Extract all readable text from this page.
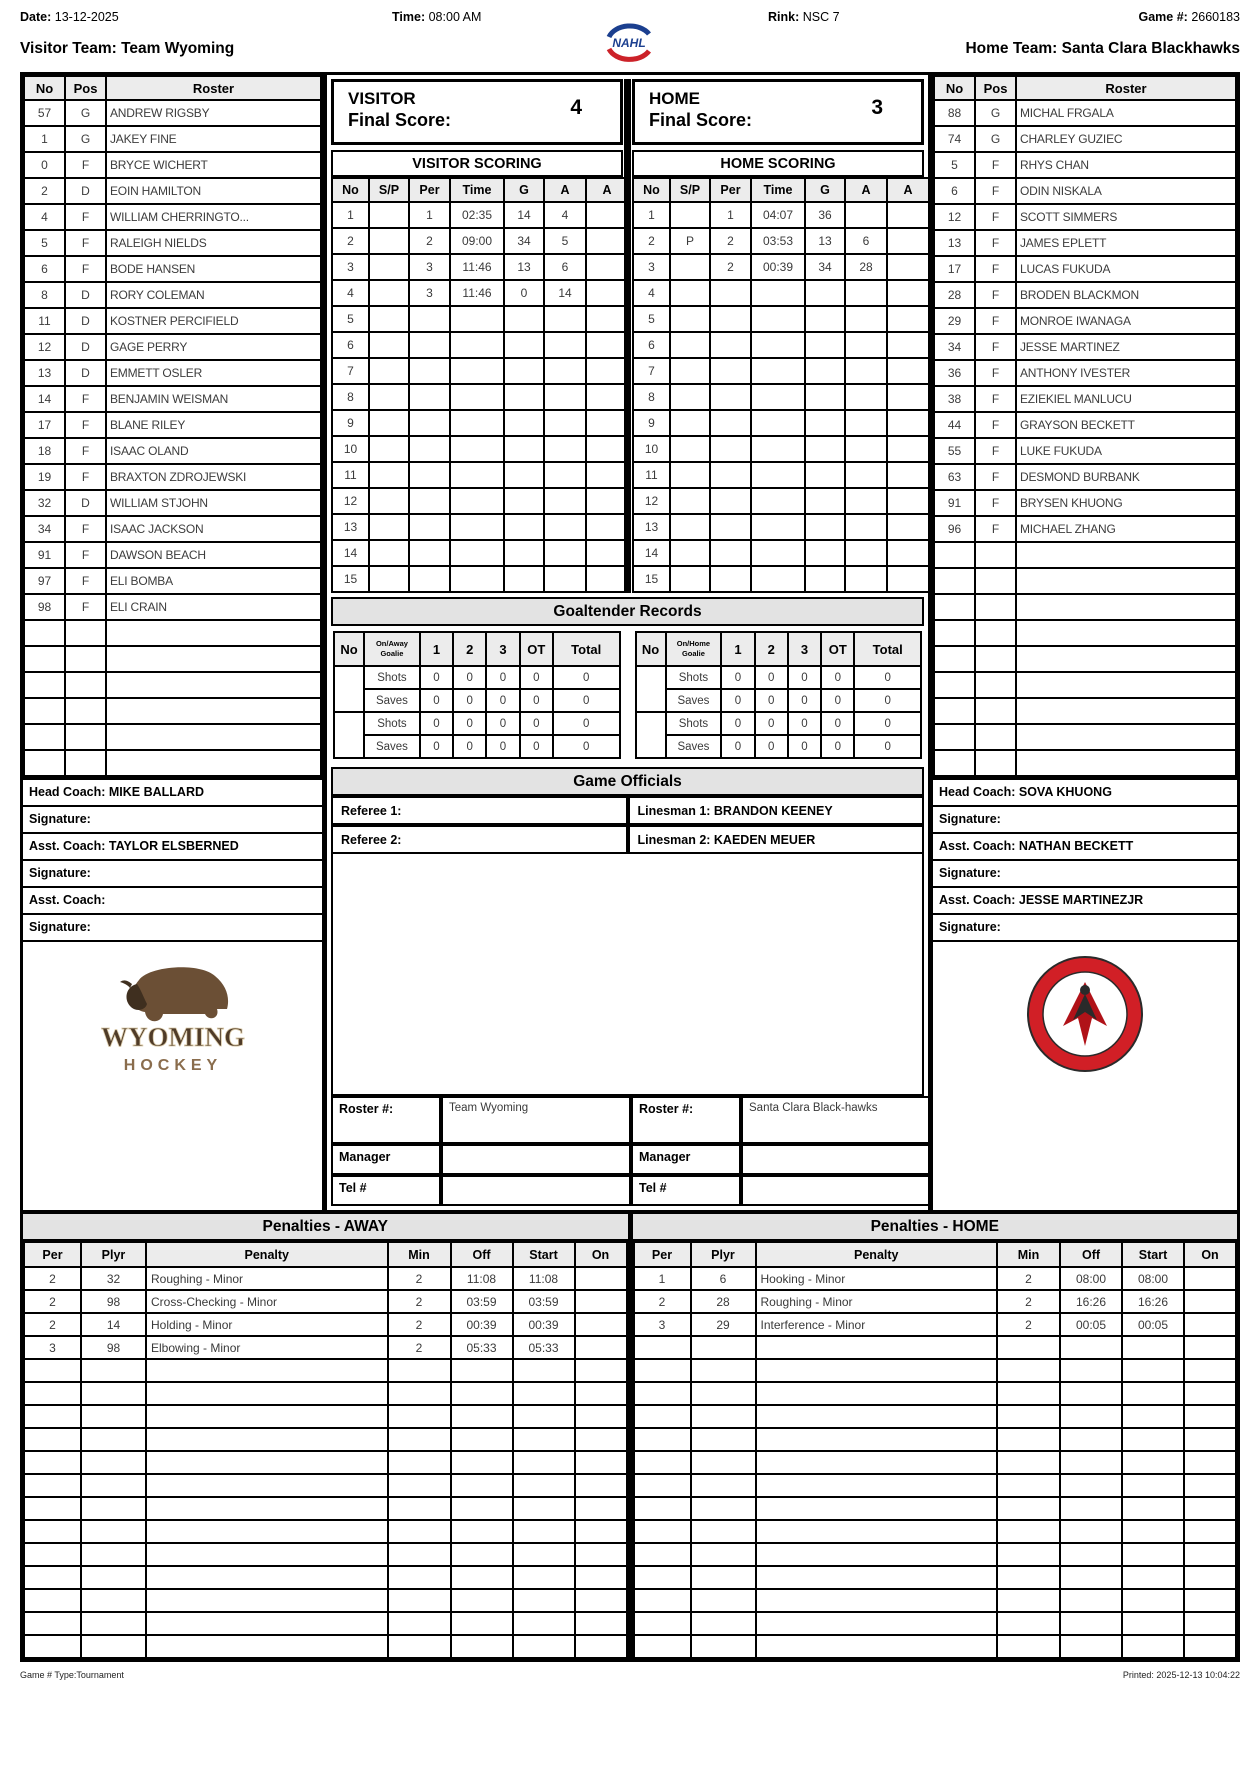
Date: 13-12-2025	Time: 08:00 AM	Rink: NSC 7	Game #: 2660183
Visitor Team: Team Wyoming	NAHL	Home Team: Santa Clara Blackhawks
No	Pos	Roster
57	G	ANDREW RIGSBY
1	G	JAKEY FINE
0	F	BRYCE WICHERT
2	D	EOIN HAMILTON
4	F	WILLIAM CHERRINGTO...
5	F	RALEIGH NIELDS
6	F	BODE HANSEN
8	D	RORY COLEMAN
11	D	KOSTNER PERCIFIELD
12	D	GAGE PERRY
13	D	EMMETT OSLER
14	F	BENJAMIN WEISMAN
17	F	BLANE RILEY
18	F	ISAAC OLAND
19	F	BRAXTON ZDROJEWSKI
32	D	WILLIAM STJOHN
34	F	ISAAC JACKSON
91	F	DAWSON BEACH
97	F	ELI BOMBA
98	F	ELI CRAIN

Head Coach: MIKE BALLARD
Signature:
Asst. Coach: TAYLOR ELSBERNED
Signature:
Asst. Coach:
Signature:
WYOMING
HOCKEY
VISITOR
Final Score:
4
VISITOR SCORING
No	S/P	Per	Time	G	A	A
1		1	02:35	14	4	
2		2	09:00	34	5	
3		3	11:46	13	6	
4		3	11:46	0	14	
5						
6						
7						
8						
9						
10						
11						
12						
13						
14						
15						
HOME
Final Score:
3
HOME SCORING
No	S/P	Per	Time	G	A	A
1		1	04:07	36		
2	P	2	03:53	13	6	
3		2	00:39	34	28	
4						
5						
6						
7						
8						
9						
10						
11						
12						
13						
14						
15						
Goaltender Records
No	On/Away
Goalie	1	2	3	OT	Total
	Shots	0	0	0	0	0
	Saves	0	0	0	0	0
	Shots	0	0	0	0	0
	Saves	0	0	0	0	0
No	On/Home
Goalie	1	2	3	OT	Total
	Shots	0	0	0	0	0
	Saves	0	0	0	0	0
	Shots	0	0	0	0	0
	Saves	0	0	0	0	0
Game Officials
Referee 1:	Linesman 1: BRANDON KEENEY
Referee 2:	Linesman 2: KAEDEN MEUER
Roster #:	Team Wyoming	Roster #:	Santa Clara Black-hawks
Manager	Manager
Tel #	Tel #
No	Pos	Roster
88	G	MICHAL FRGALA
74	G	CHARLEY GUZIEC
5	F	RHYS CHAN
6	F	ODIN NISKALA
12	F	SCOTT SIMMERS
13	F	JAMES EPLETT
17	F	LUCAS FUKUDA
28	F	BRODEN BLACKMON
29	F	MONROE IWANAGA
34	F	JESSE MARTINEZ
36	F	ANTHONY IVESTER
38	F	EZIEKIEL MANLUCU
44	F	GRAYSON BECKETT
55	F	LUKE FUKUDA
63	F	DESMOND BURBANK
91	F	BRYSEN KHUONG
96	F	MICHAEL ZHANG

Head Coach: SOVA KHUONG
Signature:
Asst. Coach: NATHAN BECKETT
Signature:
Asst. Coach: JESSE MARTINEZJR
Signature:
Penalties - AWAY
Per	Plyr	Penalty	Min	Off	Start	On
2	32	Roughing - Minor	2	11:08	11:08	
2	98	Cross-Checking - Minor	2	03:59	03:59	
2	14	Holding - Minor	2	00:39	00:39	
3	98	Elbowing - Minor	2	05:33	05:33	

Penalties - HOME
Per	Plyr	Penalty	Min	Off	Start	On
1	6	Hooking - Minor	2	08:00	08:00	
2	28	Roughing - Minor	2	16:26	16:26	
3	29	Interference - Minor	2	00:05	00:05	

Game # Type:Tournament	Printed: 2025-12-13 10:04:22
